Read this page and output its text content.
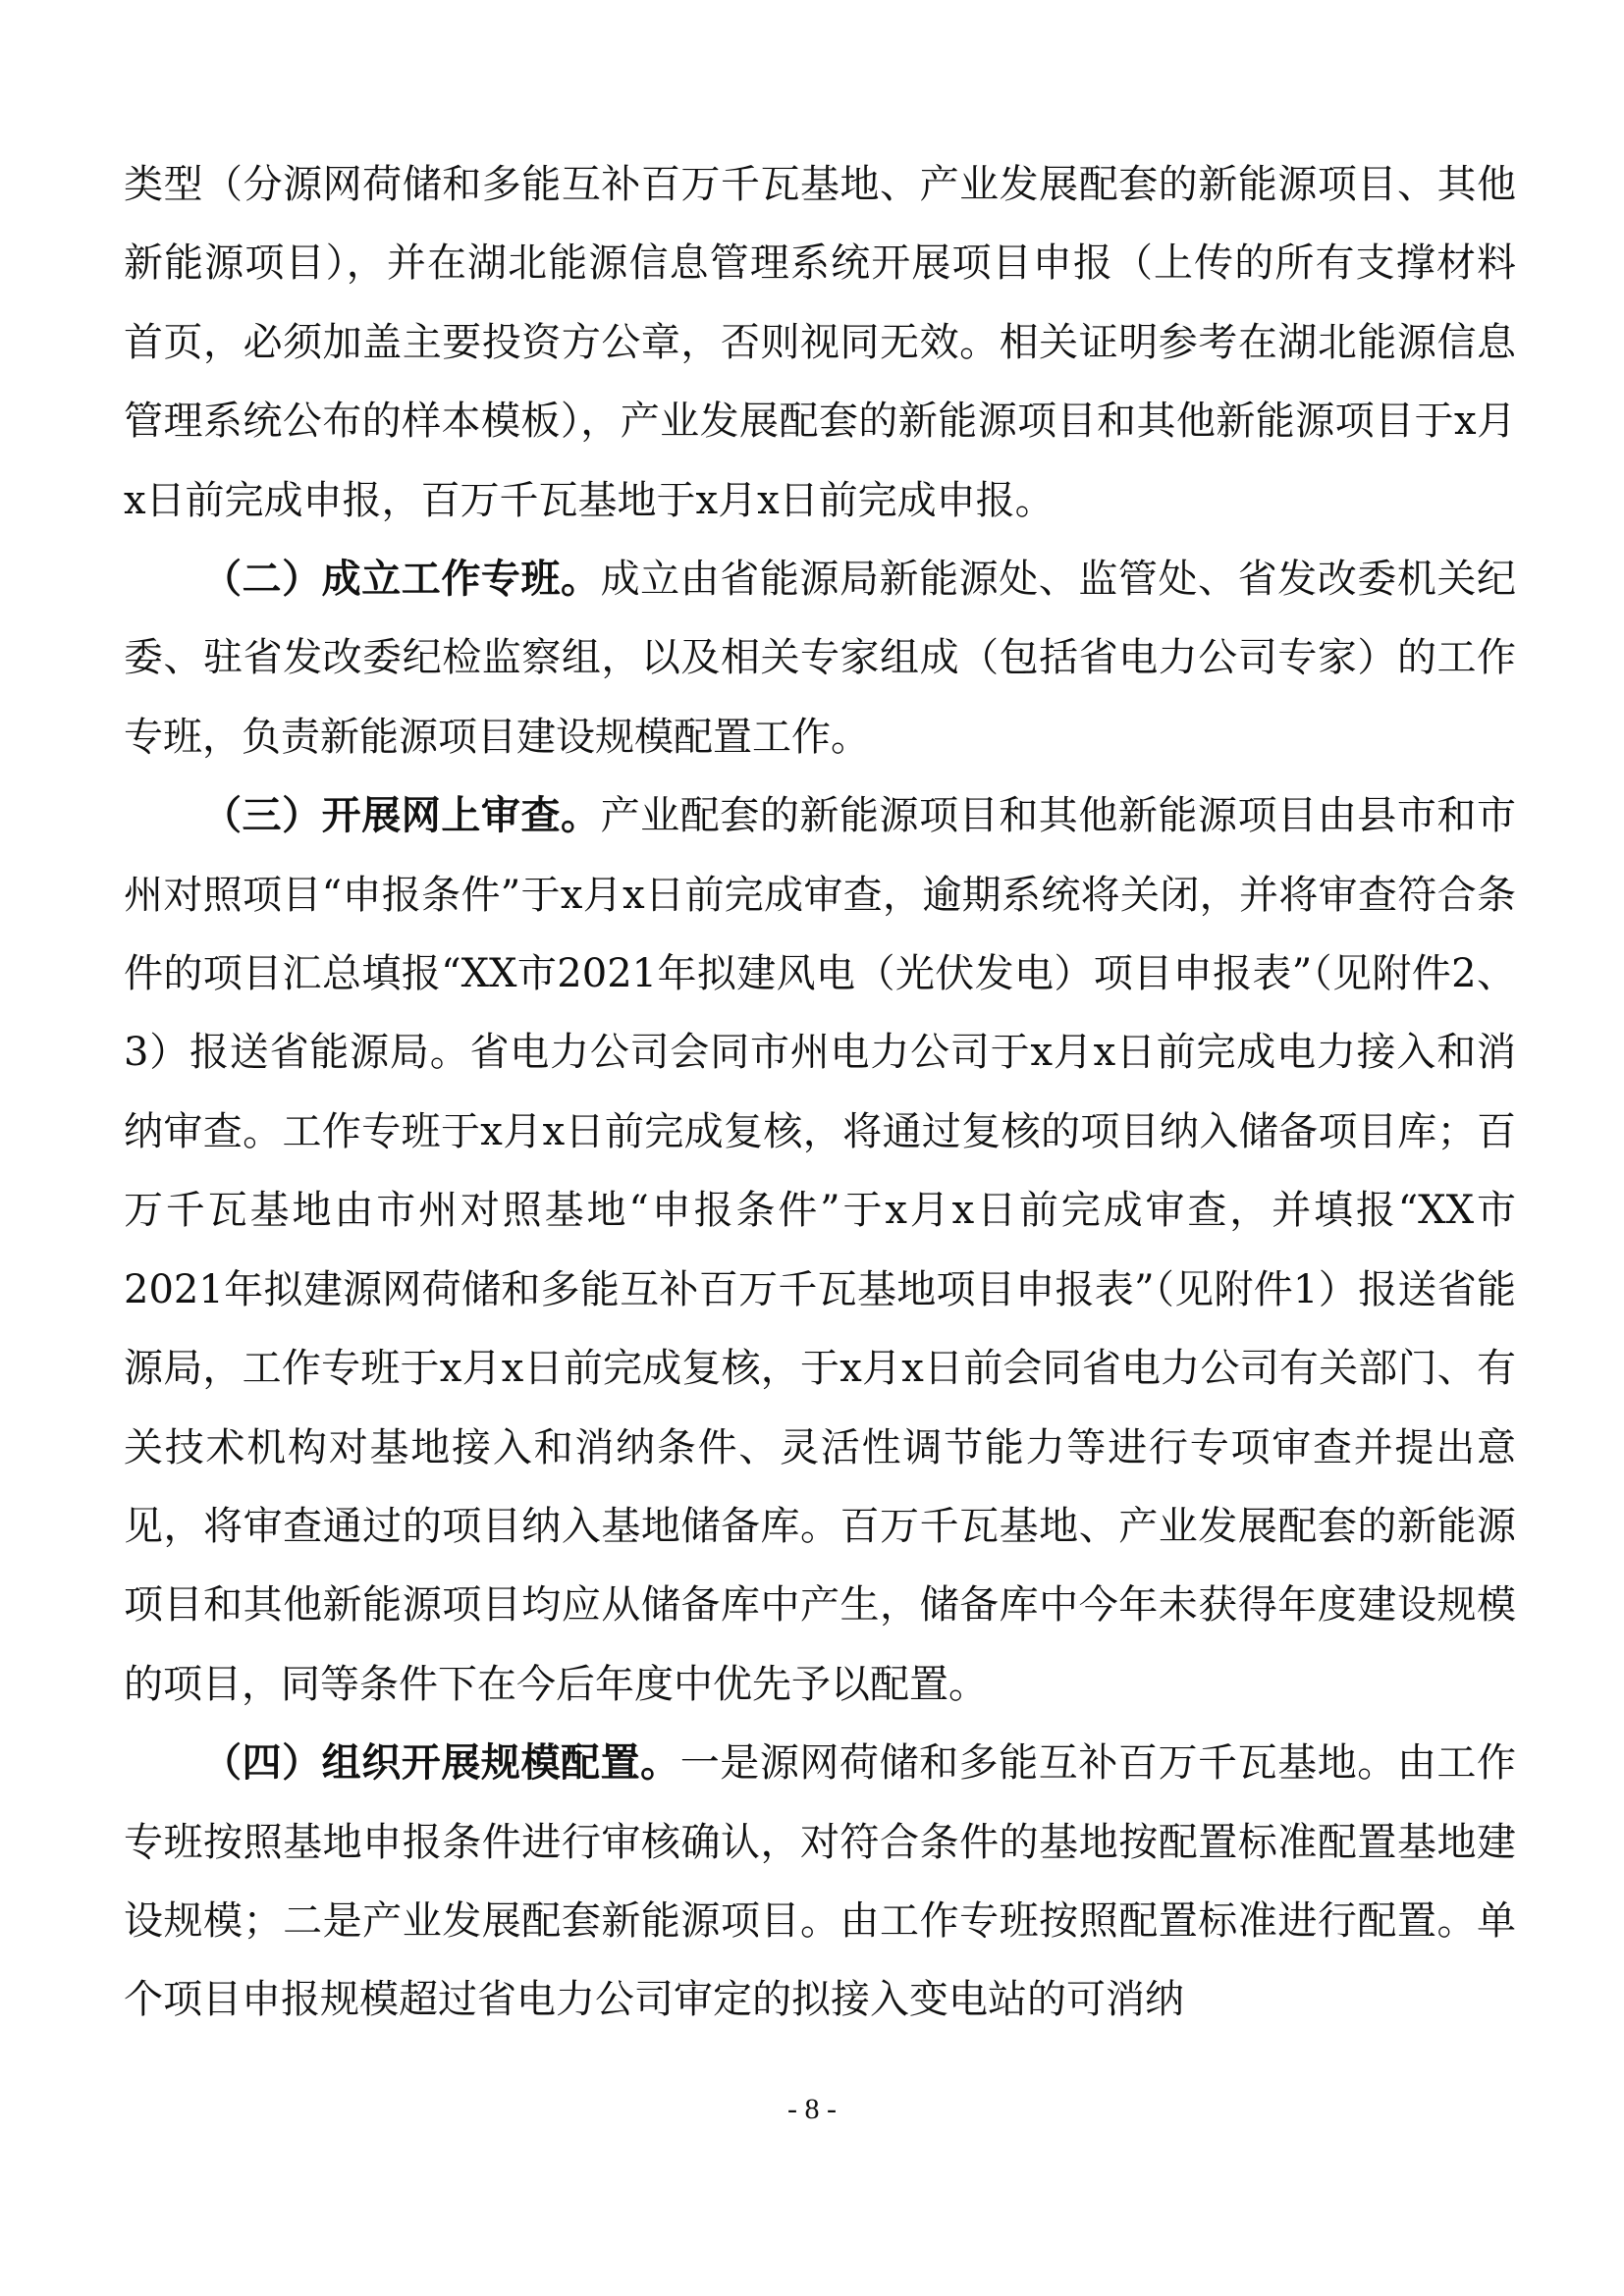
类型（分源网荷储和多能互补百万千瓦基地、产业发展配套的新能源项目、其他新能源项目），并在湖北能源信息管理系统开展项目申报（上传的所有支撑材料首页，必须加盖主要投资方公章，否则视同无效。相关证明参考在湖北能源信息管理系统公布的样本模板），产业发展配套的新能源项目和其他新能源项目于x月x日前完成申报，百万千瓦基地于x月x日前完成申报。

（二）成立工作专班。成立由省能源局新能源处、监管处、省发改委机关纪委、驻省发改委纪检监察组，以及相关专家组成（包括省电力公司专家）的工作专班，负责新能源项目建设规模配置工作。

（三）开展网上审查。产业配套的新能源项目和其他新能源项目由县市和市州对照项目“申报条件”于x月x日前完成审查，逾期系统将关闭，并将审查符合条件的项目汇总填报“XX市2021年拟建风电（光伏发电）项目申报表”（见附件2、3）报送省能源局。省电力公司会同市州电力公司于x月x日前完成电力接入和消纳审查。工作专班于x月x日前完成复核，将通过复核的项目纳入储备项目库；百万千瓦基地由市州对照基地“申报条件”于x月x日前完成审查，并填报“XX市2021年拟建源网荷储和多能互补百万千瓦基地项目申报表”（见附件1）报送省能源局，工作专班于x月x日前完成复核，于x月x日前会同省电力公司有关部门、有关技术机构对基地接入和消纳条件、灵活性调节能力等进行专项审查并提出意见，将审查通过的项目纳入基地储备库。百万千瓦基地、产业发展配套的新能源项目和其他新能源项目均应从储备库中产生，储备库中今年未获得年度建设规模的项目，同等条件下在今后年度中优先予以配置。

（四）组织开展规模配置。一是源网荷储和多能互补百万千瓦基地。由工作专班按照基地申报条件进行审核确认，对符合条件的基地按配置标准配置基地建设规模；二是产业发展配套新能源项目。由工作专班按照配置标准进行配置。单个项目申报规模超过省电力公司审定的拟接入变电站的可消纳

- 8 -
